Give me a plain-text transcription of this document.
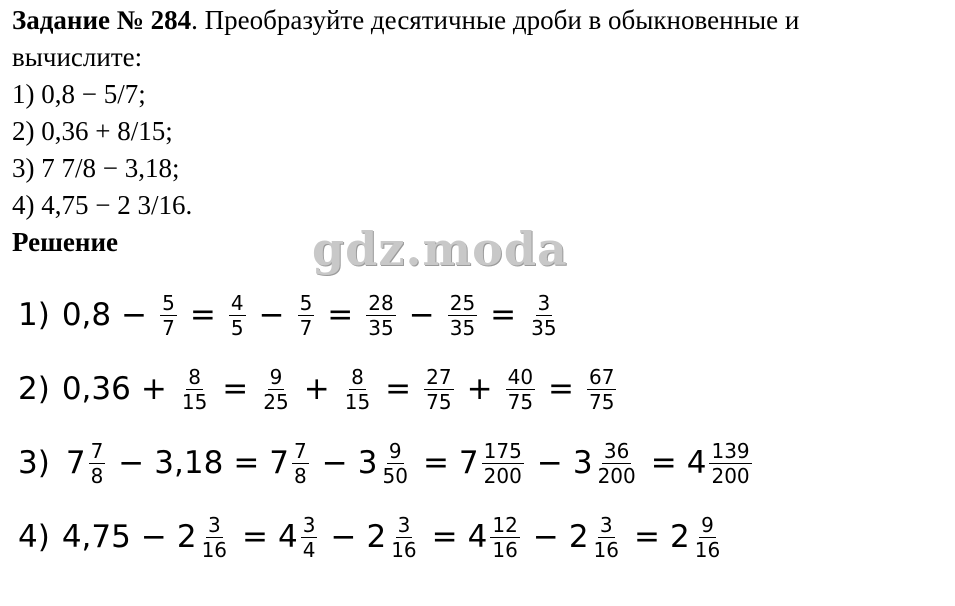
Задание № 284. Преобразуйте десятичные дроби в обыкновенные и
вычислите:
1) 0,8 − 5/7;
2) 0,36 + 8/15;
3) 7 7/8 − 3,18;
4) 4,75 − 2 3/16.
Решение	gdz.moda
1) $0,8 - \frac{5}{7} = \frac{4}{5} - \frac{5}{7} = \frac{28}{35} - \frac{25}{35} = \frac{3}{35}$
2) $0,36 + \frac{8}{15} = \frac{9}{25} + \frac{8}{15} = \frac{27}{75} + \frac{40}{75} = \frac{67}{75}$
3) $7 \frac{7}{8} - 3,18 = 7 \frac{7}{8} - 3 \frac{9}{50} = 7 \frac{175}{200} - 3 \frac{36}{200} = 4 \frac{139}{200}$
4) $4,75 - 2 \frac{3}{16} = 4 \frac{3}{4} - 2 \frac{3}{16} = 4 \frac{12}{16} - 2 \frac{3}{16} = 2 \frac{9}{16}$
